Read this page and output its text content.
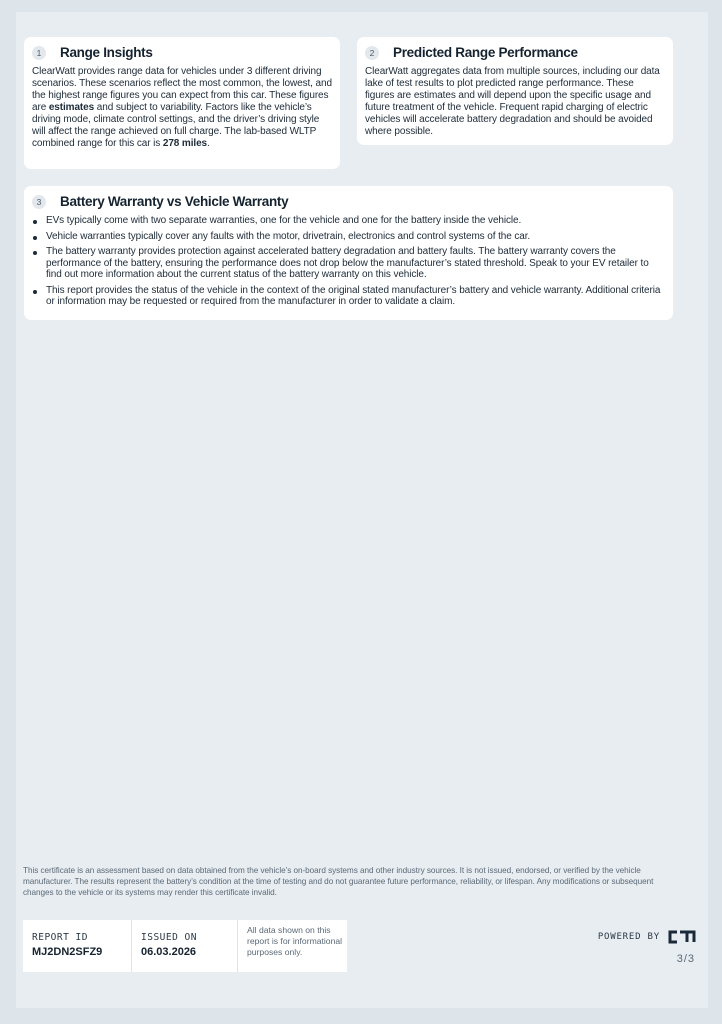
1	Range Insights

ClearWatt provides range data for vehicles under 3 different driving scenarios. These scenarios reflect the most common, the lowest, and the highest range figures you can expect from this car. These figures are estimates and subject to variability. Factors like the vehicle’s driving mode, climate control settings, and the driver’s driving style will affect the range achieved on full charge. The lab-based WLTP combined range for this car is 278 miles.

2	Predicted Range Performance

ClearWatt aggregates data from multiple sources, including our data lake of test results to plot predicted range performance. These figures are estimates and will depend upon the specific usage and future treatment of the vehicle. Frequent rapid charging of electric vehicles will accelerate battery degradation and should be avoided where possible.

3	Battery Warranty vs Vehicle Warranty
EVs typically come with two separate warranties, one for the vehicle and one for the battery inside the vehicle.
Vehicle warranties typically cover any faults with the motor, drivetrain, electronics and control systems of the car.
The battery warranty provides protection against accelerated battery degradation and battery faults. The battery warranty covers the performance of the battery, ensuring the performance does not drop below the manufacturer’s stated threshold. Speak to your EV retailer to find out more information about the current status of the battery warranty on this vehicle.
This report provides the status of the vehicle in the context of the original stated manufacturer’s battery and vehicle warranty. Additional criteria or information may be requested or required from the manufacturer in order to validate a claim.

This certificate is an assessment based on data obtained from the vehicle’s on-board systems and other industry sources. It is not issued, endorsed, or verified by the vehicle manufacturer. The results represent the battery’s condition at the time of testing and do not guarantee future performance, reliability, or lifespan. Any modifications or subsequent changes to the vehicle or its systems may render this certificate invalid.

REPORT ID
MJ2DN2SFZ9
ISSUED ON
06.03.2026

All data shown on this report is for informational purposes only.

POWERED BY
3/3
